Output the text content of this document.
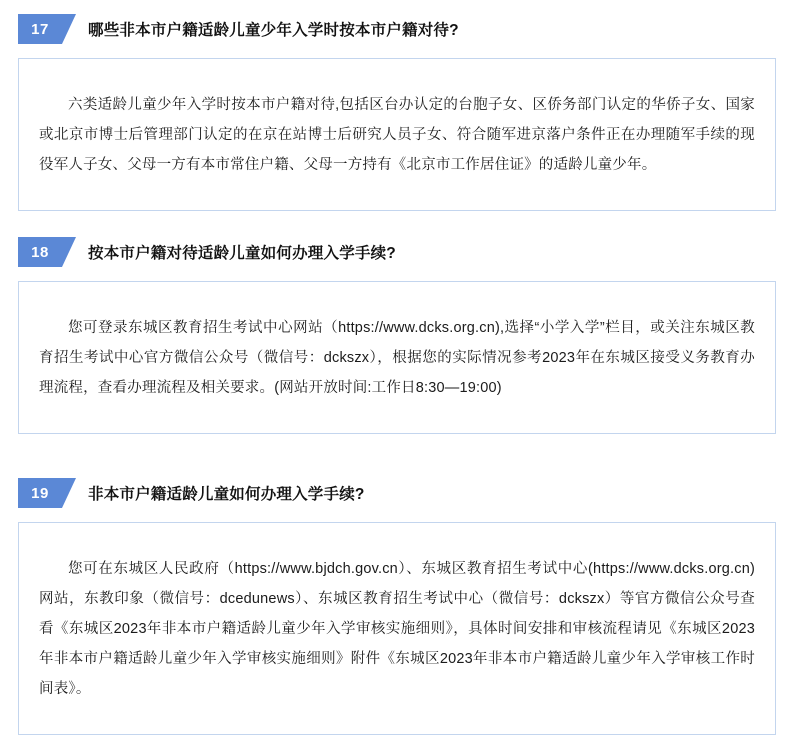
17	哪些非本市户籍适龄儿童少年入学时按本市户籍对待?

六类适龄儿童少年入学时按本市户籍对待,包括区台办认定的台胞子女、区侨务部门认定的华侨子女、国家或北京市博士后管理部门认定的在京在站博士后研究人员子女、符合随军进京落户条件正在办理随军手续的现役军人子女、父母一方有本市常住户籍、父母一方持有《北京市工作居住证》的适龄儿童少年。

18	按本市户籍对待适龄儿童如何办理入学手续?

您可登录东城区教育招生考试中心网站（https://www.dcks.org.cn),选择“小学入学”栏目，或关注东城区教育招生考试中心官方微信公众号（微信号：dckszx），根据您的实际情况参考2023年在东城区接受义务教育办理流程，查看办理流程及相关要求。(网站开放时间:工作日8:30—19:00)

19	非本市户籍适龄儿童如何办理入学手续?

您可在东城区人民政府（https://www.bjdch.gov.cn）、东城区教育招生考试中心(https://www.dcks.org.cn)网站，东教印象（微信号：dcedunews）、东城区教育招生考试中心（微信号：dckszx）等官方微信公众号查看《东城区2023年非本市户籍适龄儿童少年入学审核实施细则》，具体时间安排和审核流程请见《东城区2023年非本市户籍适龄儿童少年入学审核实施细则》附件《东城区2023年非本市户籍适龄儿童少年入学审核工作时间表》。
